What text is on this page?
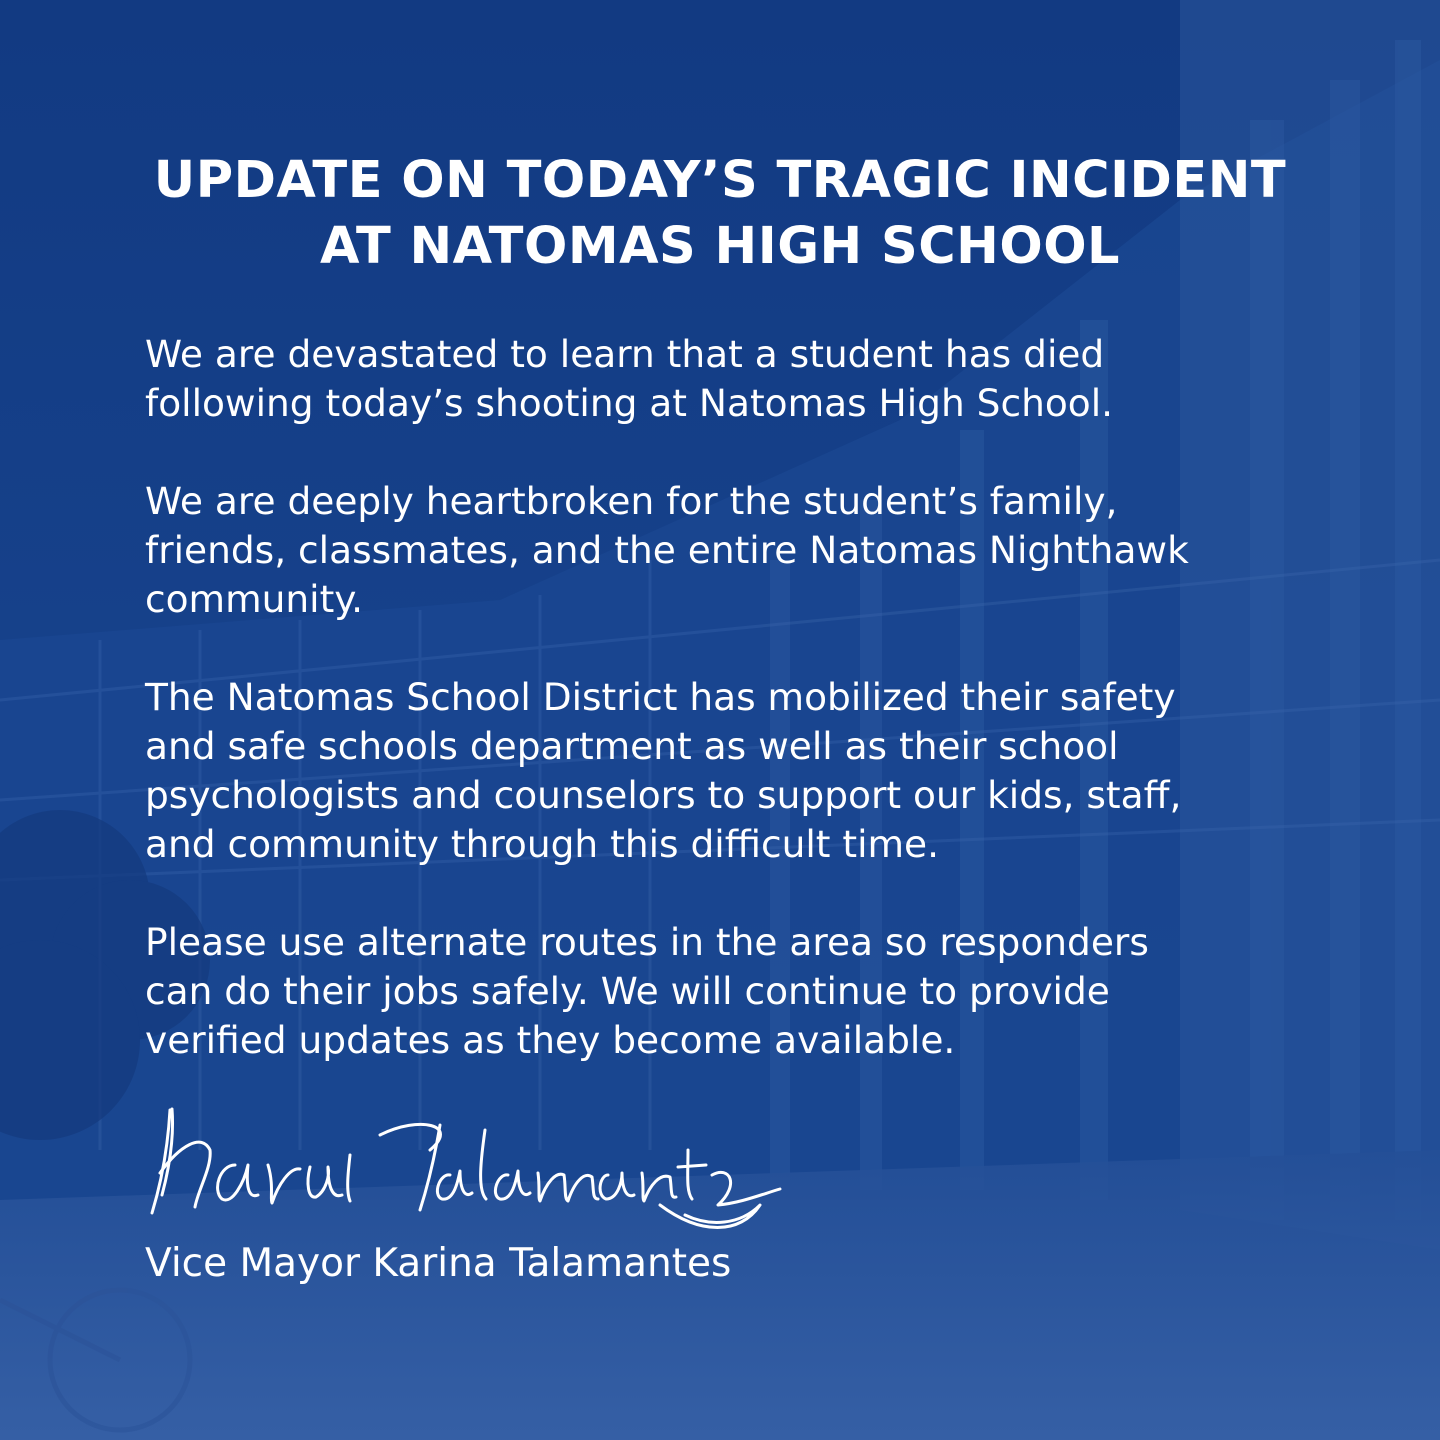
UPDATE ON TODAY’S TRAGIC INCIDENT
AT NATOMAS HIGH SCHOOL

We are devastated to learn that a student has died
following today’s shooting at Natomas High School.

We are deeply heartbroken for the student’s family,
friends, classmates, and the entire Natomas Nighthawk
community.

The Natomas School District has mobilized their safety
and safe schools department as well as their school
psychologists and counselors to support our kids, staff,
and community through this difficult time.

Please use alternate routes in the area so responders
can do their jobs safely. We will continue to provide
verified updates as they become available.

Vice Mayor Karina Talamantes
